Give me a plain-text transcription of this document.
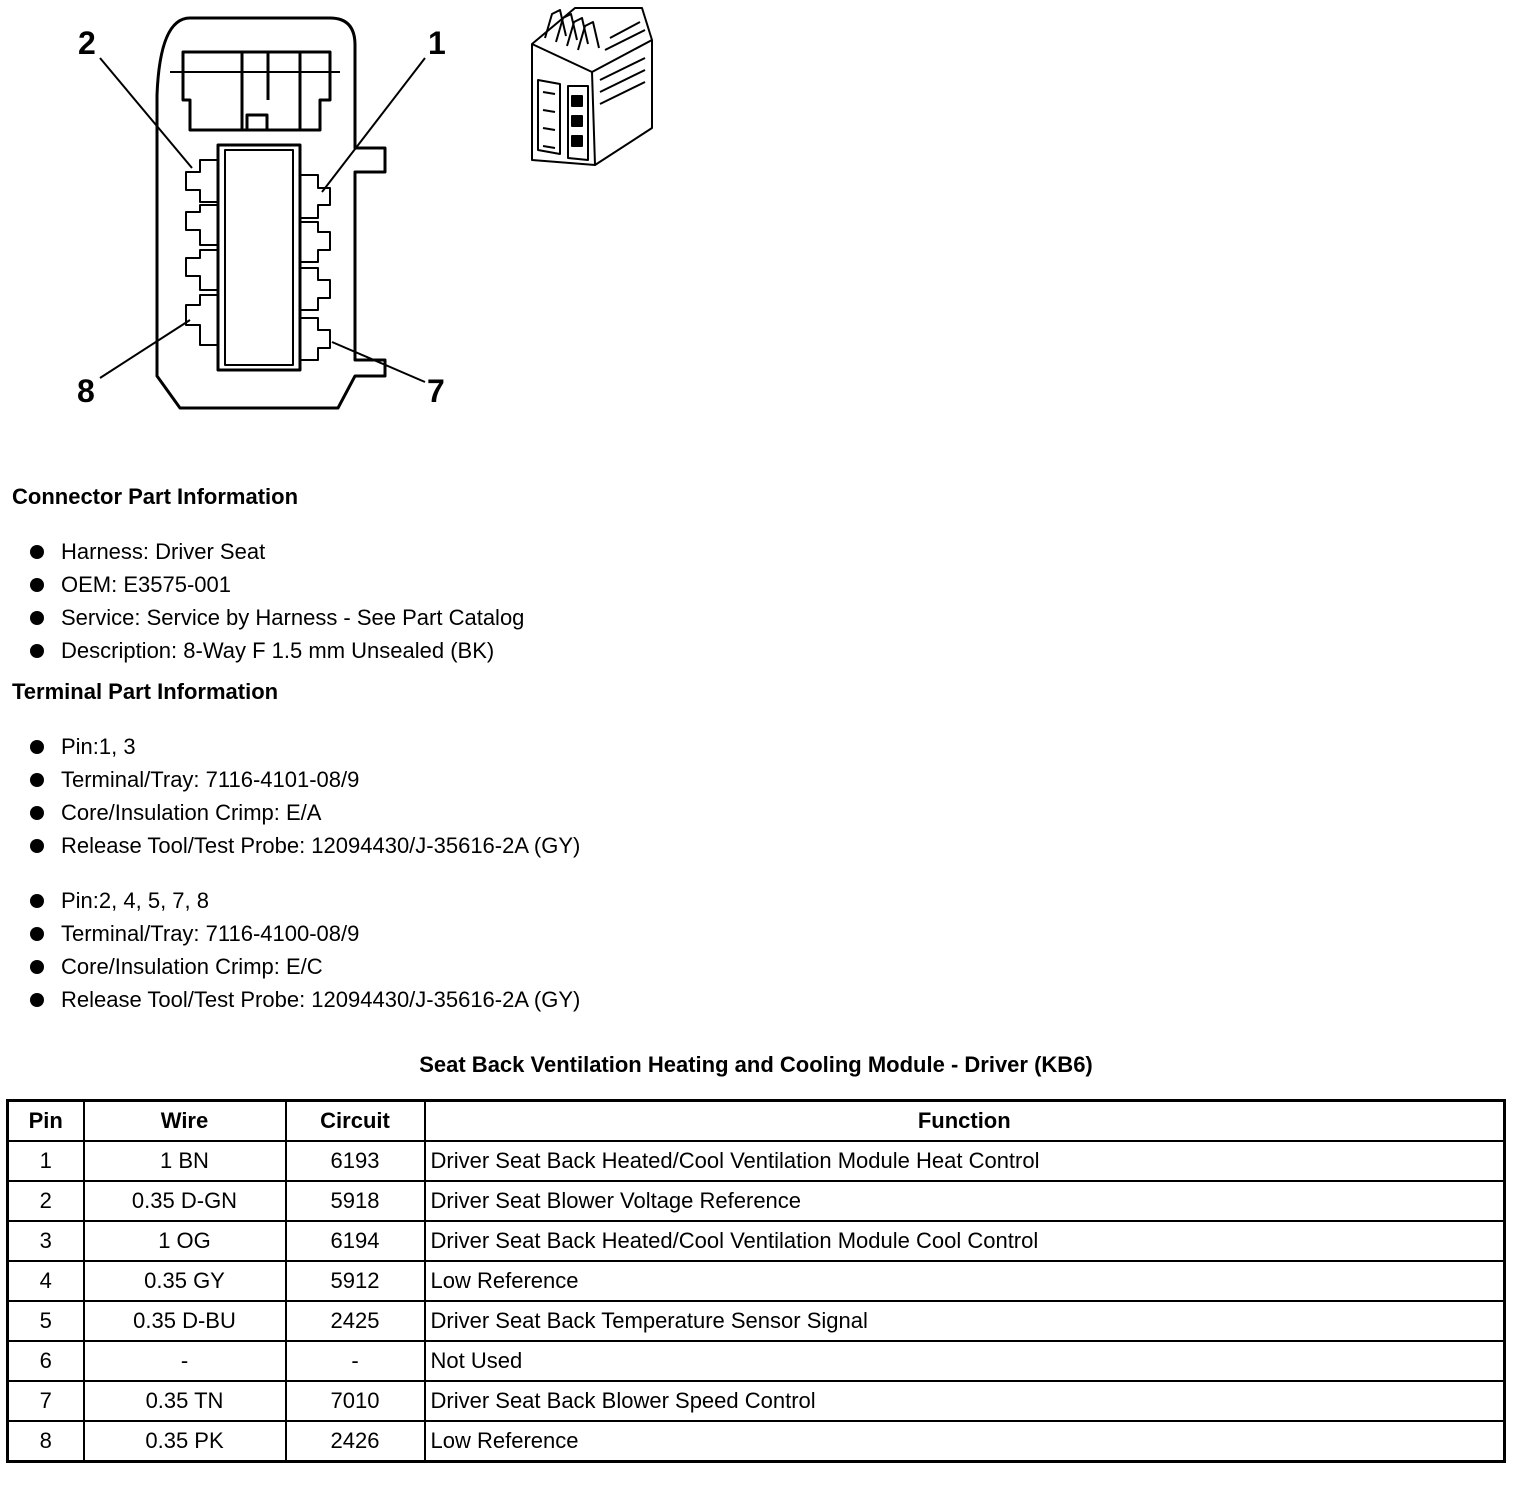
2	1
8	7
Connector Part Information
Harness: Driver Seat
OEM: E3575-001
Service: Service by Harness - See Part Catalog
Description: 8-Way F 1.5 mm Unsealed (BK)
Terminal Part Information
Pin:1, 3
Terminal/Tray: 7116-4101-08/9
Core/Insulation Crimp: E/A
Release Tool/Test Probe: 12094430/J-35616-2A (GY)
Pin:2, 4, 5, 7, 8
Terminal/Tray: 7116-4100-08/9
Core/Insulation Crimp: E/C
Release Tool/Test Probe: 12094430/J-35616-2A (GY)
Seat Back Ventilation Heating and Cooling Module - Driver (KB6)
Pin	Wire	Circuit	Function
1	1 BN	6193	Driver Seat Back Heated/Cool Ventilation Module Heat Control
2	0.35 D-GN	5918	Driver Seat Blower Voltage Reference
3	1 OG	6194	Driver Seat Back Heated/Cool Ventilation Module Cool Control
4	0.35 GY	5912	Low Reference
5	0.35 D-BU	2425	Driver Seat Back Temperature Sensor Signal
6	-	-	Not Used
7	0.35 TN	7010	Driver Seat Back Blower Speed Control
8	0.35 PK	2426	Low Reference
